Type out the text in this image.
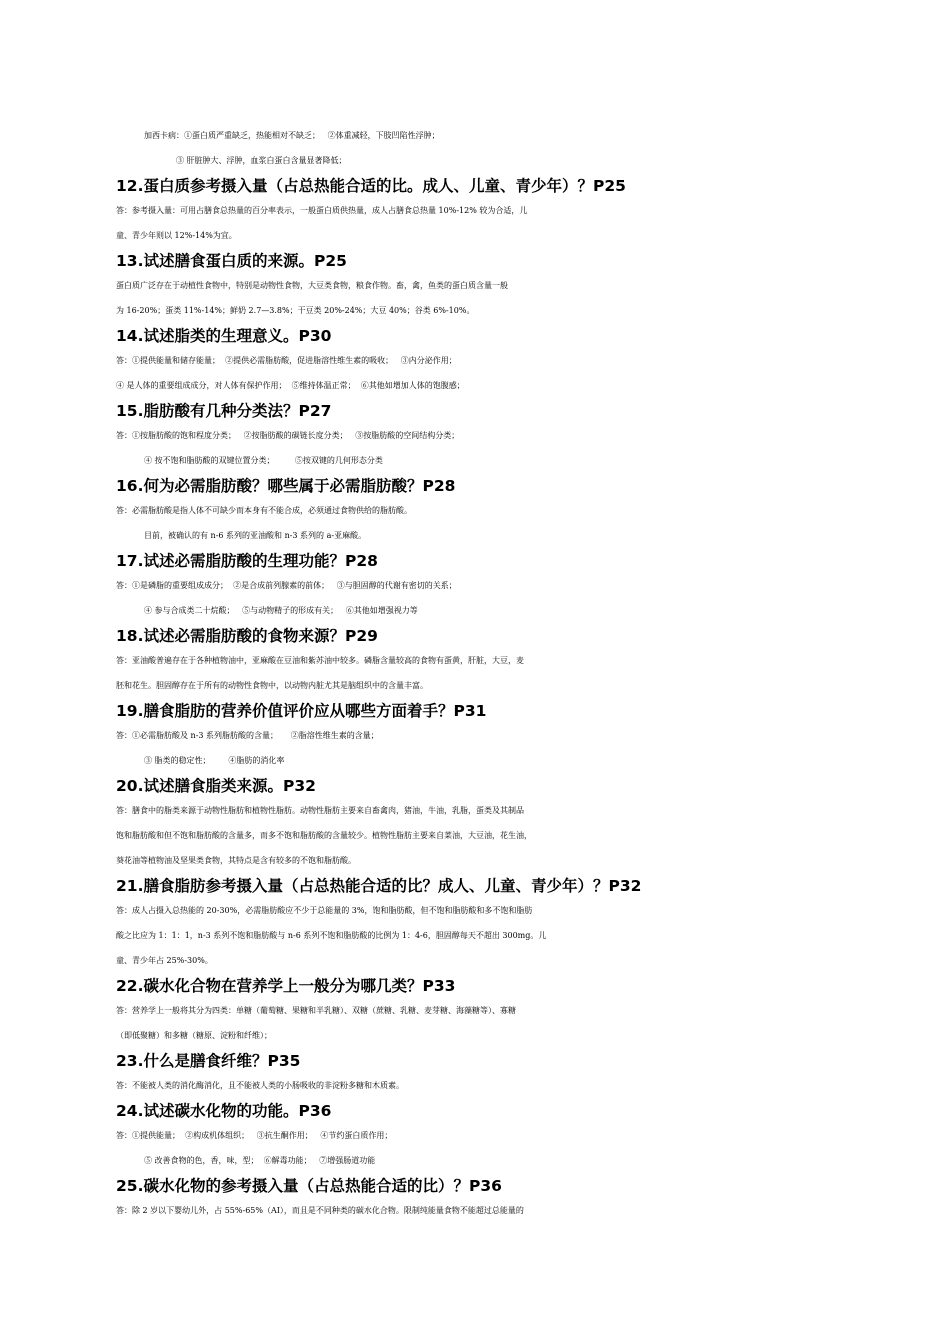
加西卡病：①蛋白质严重缺乏，热能相对不缺乏；   ②体重减轻，下肢凹陷性浮肿；
③ 肝脏肿大、浮肿，血浆白蛋白含量显著降低；
12.蛋白质参考摄入量（占总热能合适的比。成人、儿童、青少年）？P25
答：参考摄入量：可用占膳食总热量的百分率表示，一般蛋白质供热量，成人占膳食总热量 10%-12% 较为合适，儿
童、青少年则以 12%-14%为宜。
13.试述膳食蛋白质的来源。P25
蛋白质广泛存在于动植性食物中，特别是动物性食物，大豆类食物，粮食作物。畜，禽，鱼类的蛋白质含量一般
为 16-20%；蛋类 11%-14%；鲜奶 2.7—3.8%；干豆类 20%-24%；大豆 40%；谷类 6%-10%。
14.试述脂类的生理意义。P30
答：①提供能量和储存能量；  ②提供必需脂肪酸，促进脂溶性维生素的吸收；   ③内分泌作用；
④ 是人体的重要组成成分，对人体有保护作用；  ⑤维持体温正常；  ⑥其他如增加人体的饱腹感；
15.脂肪酸有几种分类法？P27
答：①按脂肪酸的饱和程度分类；   ②按脂肪酸的碳链长度分类；   ③按脂肪酸的空间结构分类；
④ 按不饱和脂肪酸的双键位置分类；        ⑤按双键的几何形态分类
16.何为必需脂肪酸？哪些属于必需脂肪酸？P28
答：必需脂肪酸是指人体不可缺少而本身有不能合成，必须通过食物供给的脂肪酸。
目前，被确认的有 n-6 系列的亚油酸和 n-3 系列的 a-亚麻酸。
17.试述必需脂肪酸的生理功能？P28
答：①是磷脂的重要组成成分；  ②是合成前列腺素的前体；   ③与胆固醇的代谢有密切的关系；
④ 参与合成类二十烷酸；   ⑤与动物精子的形成有关；   ⑥其他如增强视力等
18.试述必需脂肪酸的食物来源？P29
答：亚油酸普遍存在于各种植物油中，亚麻酸在豆油和紫苏油中较多。磷脂含量较高的食物有蛋黄，肝脏，大豆，麦
胚和花生。胆固醇存在于所有的动物性食物中，以动物内脏尤其是脑组织中的含量丰富。
19.膳食脂肪的营养价值评价应从哪些方面着手？P31
答：①必需脂肪酸及 n-3 系列脂肪酸的含量；     ②脂溶性维生素的含量；
③ 脂类的稳定性；       ④脂肪的消化率
20.试述膳食脂类来源。P32
答：膳食中的脂类来源于动物性脂肪和植物性脂肪。动物性脂肪主要来自畜禽肉，猪油，牛油，乳脂，蛋类及其制品
饱和脂肪酸和但不饱和脂肪酸的含量多，而多不饱和脂肪酸的含量较少。植物性脂肪主要来自菜油，大豆油，花生油，
葵花油等植物油及坚果类食物，其特点是含有较多的不饱和脂肪酸。
21.膳食脂肪参考摄入量（占总热能合适的比？成人、儿童、青少年）？P32
答：成人占摄入总热能的 20-30%，必需脂肪酸应不少于总能量的 3%，饱和脂肪酸，但不饱和脂肪酸和多不饱和脂肪
酸之比应为 1：1：1，n-3 系列不饱和脂肪酸与 n-6 系列不饱和脂肪酸的比例为 1：4-6，胆固醇每天不超出 300mg。儿
童、青少年占 25%-30%。
22.碳水化合物在营养学上一般分为哪几类？P33
答：营养学上一般将其分为四类：单糖（葡萄糖、果糖和半乳糖）、双糖（蔗糖、乳糖、麦芽糖、海藻糖等）、寡糖
（即低聚糖）和多糖（糖原、淀粉和纤维）；
23.什么是膳食纤维？P35
答：不能被人类的消化酶消化，且不能被人类的小肠吸收的非淀粉多糖和木质素。
24.试述碳水化物的功能。P36
答：①提供能量；  ②构成机体组织；   ③抗生酮作用；   ④节约蛋白质作用；
⑤ 改善食物的色，香，味，型；  ⑥解毒功能；   ⑦增强肠道功能
25.碳水化物的参考摄入量（占总热能合适的比）？P36
答：除 2 岁以下婴幼儿外，占 55%-65%（AI），而且是不同种类的碳水化合物。限制纯能量食物不能超过总能量的
